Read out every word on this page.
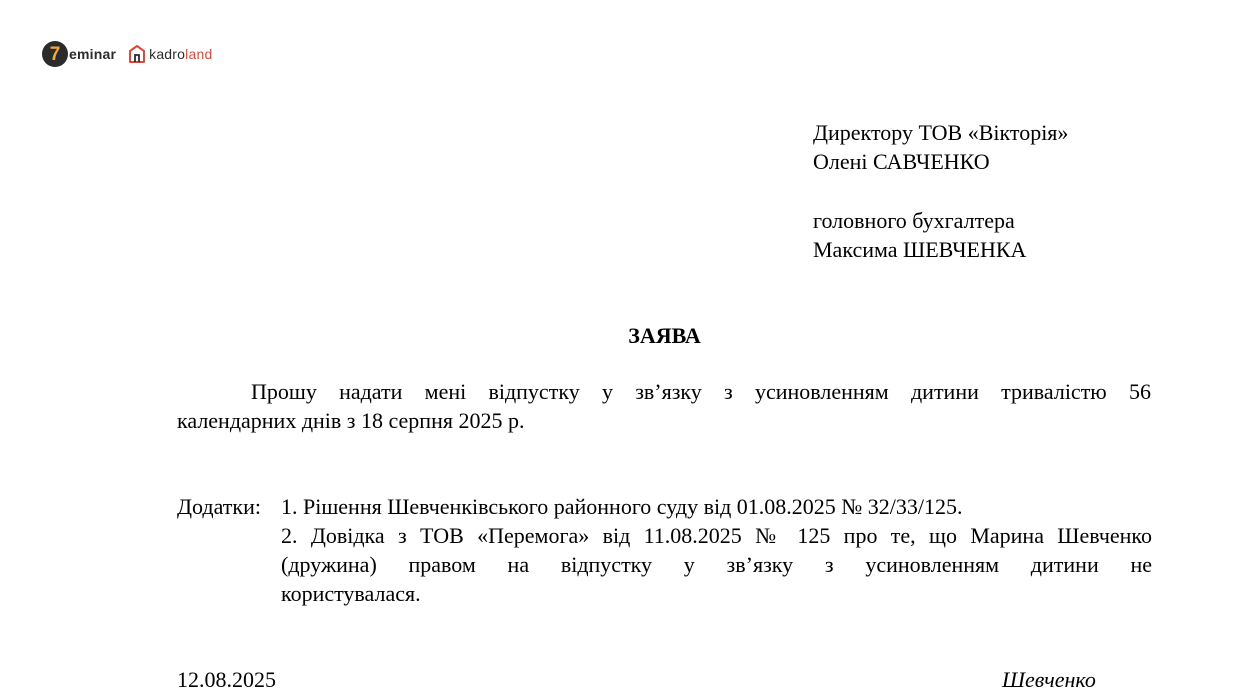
7 eminar kadroland
Директору ТОВ «Вікторія»
Олені САВЧЕНКО
головного бухгалтера
Максима ШЕВЧЕНКА
ЗАЯВА
Прошу надати мені відпустку у зв’язку з усиновленням дитини тривалістю 56
календарних днів з 18 серпня 2025 р.
Додатки: 1. Рішення Шевченківського районного суду від 01.08.2025 № 32/33/125.
2. Довідка з ТОВ «Перемога» від 11.08.2025 № 125 про те, що Марина Шевченко
(дружина) правом на відпустку у зв’язку з усиновленням дитини не
користувалася.
12.08.2025	Шевченко
